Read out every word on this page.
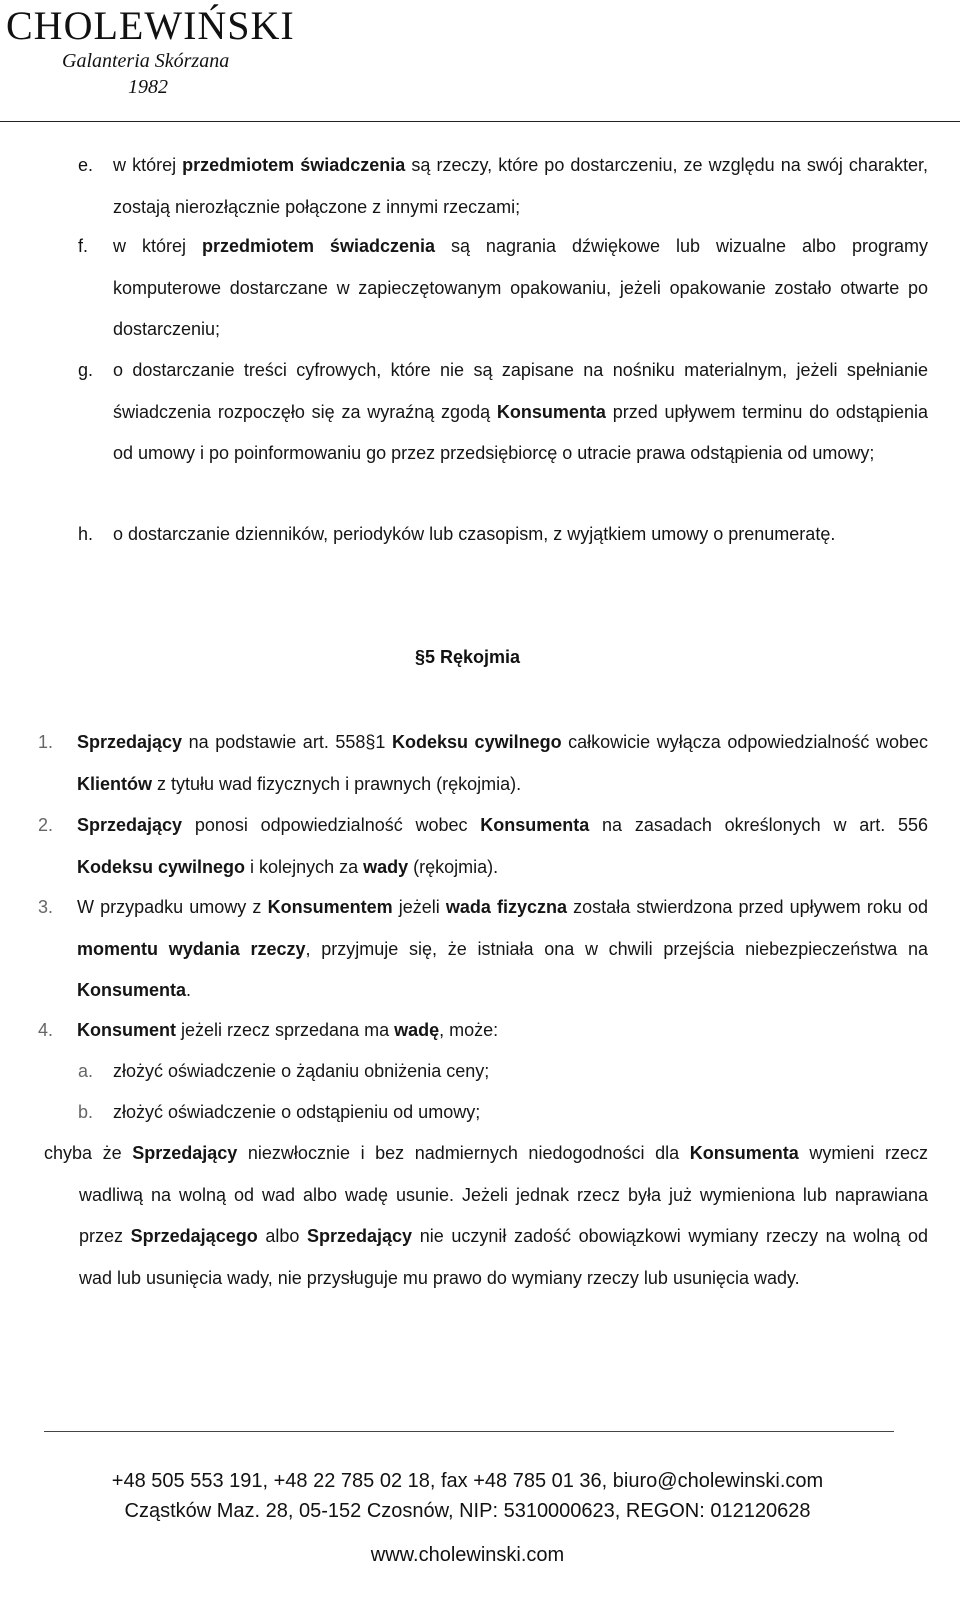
CHOLEWIŃSKI
Galanteria Skórzana
1982
e. w której przedmiotem świadczenia są rzeczy, które po dostarczeniu, ze względu na swój charakter, zostają nierozłącznie połączone z innymi rzeczami;
f. w której przedmiotem świadczenia są nagrania dźwiękowe lub wizualne albo programy komputerowe dostarczane w zapieczętowanym opakowaniu, jeżeli opakowanie zostało otwarte po dostarczeniu;
g. o dostarczanie treści cyfrowych, które nie są zapisane na nośniku materialnym, jeżeli spełnianie świadczenia rozpoczęło się za wyraźną zgodą Konsumenta przed upływem terminu do odstąpienia od umowy i po poinformowaniu go przez przedsiębiorcę o utracie prawa odstąpienia od umowy;
h. o dostarczanie dzienników, periodyków lub czasopism, z wyjątkiem umowy o prenumeratę.
§5 Rękojmia
1. Sprzedający na podstawie art. 558§1 Kodeksu cywilnego całkowicie wyłącza odpowiedzialność wobec Klientów z tytułu wad fizycznych i prawnych (rękojmia).
2. Sprzedający ponosi odpowiedzialność wobec Konsumenta na zasadach określonych w art. 556 Kodeksu cywilnego i kolejnych za wady (rękojmia).
3. W przypadku umowy z Konsumentem jeżeli wada fizyczna została stwierdzona przed upływem roku od momentu wydania rzeczy, przyjmuje się, że istniała ona w chwili przejścia niebezpieczeństwa na Konsumenta.
4. Konsument jeżeli rzecz sprzedana ma wadę, może:
a. złożyć oświadczenie o żądaniu obniżenia ceny;
b. złożyć oświadczenie o odstąpieniu od umowy;
chyba że Sprzedający niezwłocznie i bez nadmiernych niedogodności dla Konsumenta wymieni rzecz wadliwą na wolną od wad albo wadę usunie. Jeżeli jednak rzecz była już wymieniona lub naprawiana przez Sprzedającego albo Sprzedający nie uczynił zadość obowiązkowi wymiany rzeczy na wolną od wad lub usunięcia wady, nie przysługuje mu prawo do wymiany rzeczy lub usunięcia wady.
+48 505 553 191, +48 22 785 02 18, fax +48 785 01 36, biuro@cholewinski.com
Cząstków Maz. 28, 05-152 Czosnów, NIP: 5310000623, REGON: 012120628
www.cholewinski.com
